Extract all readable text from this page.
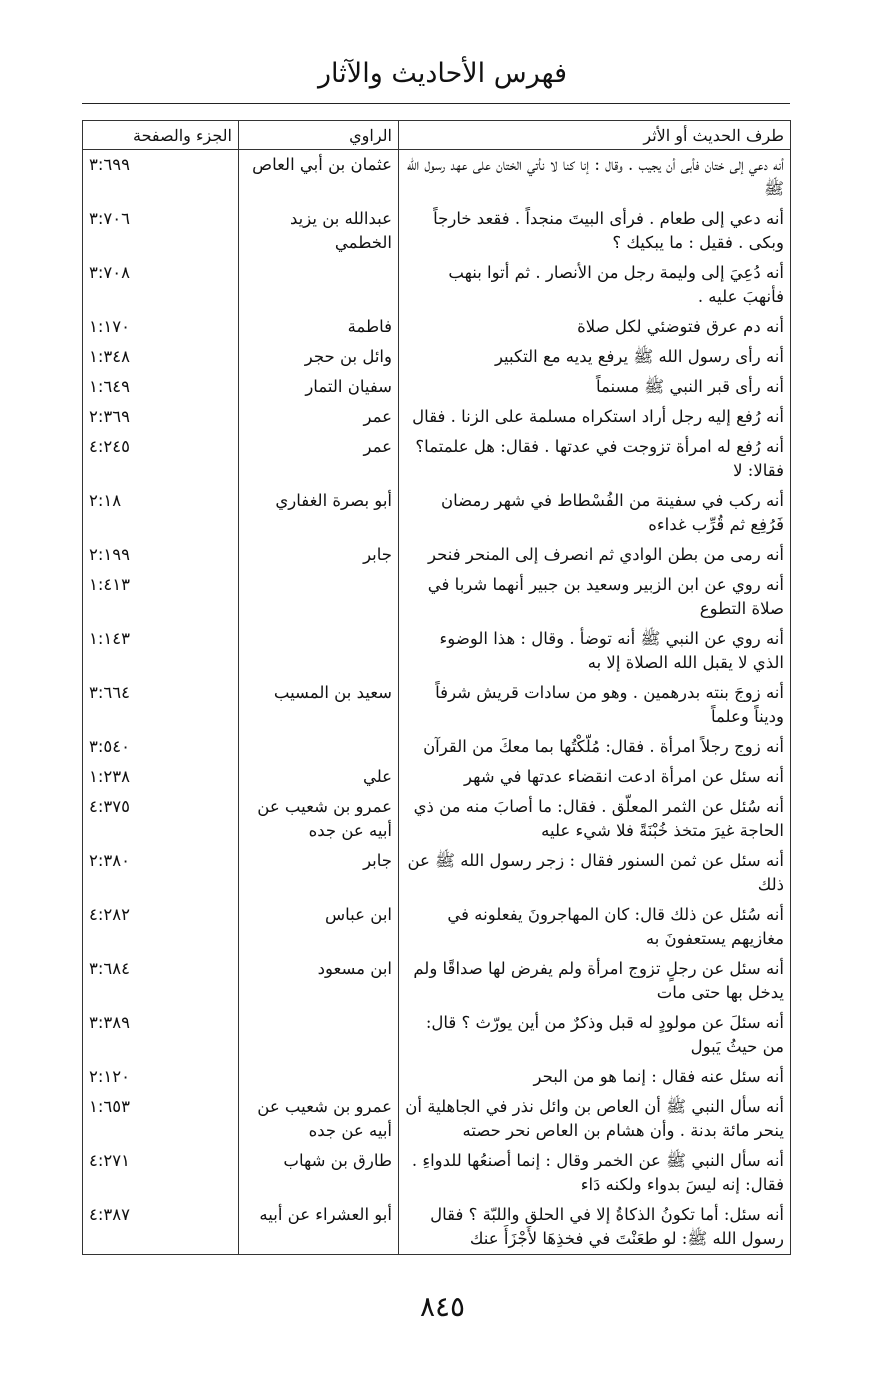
فهرس الأحاديث والآثار
طرف الحديث أو الأثر	الراوي	الجزء والصفحة
أنه دعي إلى ختان فأبى أن يجيب . وقال : إنا كنا لا نأتي الختان على عهد رسول الله ﷺ	عثمان بن أبي العاص	٣:٦٩٩
أنه دعي إلى طعام . فرأى البيتَ منجداً . فقعد خارجاً وبكى . فقيل : ما يبكيك ؟	عبدالله بن يزيد الخطمي	٣:٧٠٦
أنه دُعِيَ إلى وليمة رجل من الأنصار . ثم أتوا بنهب فأنهبَ عليه .		٣:٧٠٨
أنه دم عرق فتوضئي لكل صلاة	فاطمة	١:١٧٠
أنه رأى رسول الله ﷺ يرفع يديه مع التكبير	وائل بن حجر	١:٣٤٨
أنه رأى قبر النبي ﷺ مسنماً	سفيان التمار	١:٦٤٩
أنه رُفع إليه رجل أراد استكراه مسلمة على الزنا . فقال	عمر	٢:٣٦٩
أنه رُفع له امرأة تزوجت في عدتها . فقال: هل علمتما؟ فقالا: لا	عمر	٤:٢٤٥
أنه ركب في سفينة من الفُسْطاط في شهر رمضان فَرُفِع ثم قُرِّب غداءه	أبو بصرة الغفاري	٢:١٨
أنه رمى من بطن الوادي ثم انصرف إلى المنحر فنحر	جابر	٢:١٩٩
أنه روي عن ابن الزبير وسعيد بن جبير أنهما شربا في صلاة التطوع		١:٤١٣
أنه روي عن النبي ﷺ أنه توضأ . وقال : هذا الوضوء الذي لا يقبل الله الصلاة إلا به		١:١٤٣
أنه زوجَ بنته بدرهمين . وهو من سادات قريش شرفاً وديناً وعلماً	سعيد بن المسيب	٣:٦٦٤
أنه زوج رجلاً امرأة . فقال: مُلّكْتُها بما معكَ من القرآن		٣:٥٤٠
أنه سئل عن امرأة ادعت انقضاء عدتها في شهر	علي	١:٢٣٨
أنه سُئل عن الثمر المعلّق . فقال: ما أصابَ منه من ذي الحاجة غيرَ متخذ خُبْنَةً فلا شيء عليه	عمرو بن شعيب عن أبيه عن جده	٤:٣٧٥
أنه سئل عن ثمن السنور فقال : زجر رسول الله ﷺ عن ذلك	جابر	٢:٣٨٠
أنه سُئل عن ذلك قال: كان المهاجرونَ يفعلونه في مغازيهم يستعفونَ به	ابن عباس	٤:٢٨٢
أنه سئل عن رجلٍ تزوج امرأة ولم يفرض لها صداقًا ولم يدخل بها حتى مات	ابن مسعود	٣:٦٨٤
أنه سئلَ عن مولودٍ له قبل وذكرٌ من أين يورّث ؟ قال: من حيثُ يَبول		٣:٣٨٩
أنه سئل عنه فقال : إنما هو من البحر		٢:١٢٠
أنه سأل النبي ﷺ أن العاص بن وائل نذر في الجاهلية أن ينحر مائة بدنة . وأن هشام بن العاص نحر حصته	عمرو بن شعيب عن أبيه عن جده	١:٦٥٣
أنه سأل النبي ﷺ عن الخمر وقال : إنما أصنعُها للدواءِ . فقال: إنه ليسَ بدواء ولكنه دَاء	طارق بن شهاب	٤:٢٧١
أنه سئل: أما تكونُ الذكاةُ إلا في الحلق واللبّة ؟ فقال رسول الله ﷺ: لو طعَنْتَ في فخذِهَا لأَجْزَأَ عنك	أبو العشراء عن أبيه	٤:٣٨٧
٨٤٥
